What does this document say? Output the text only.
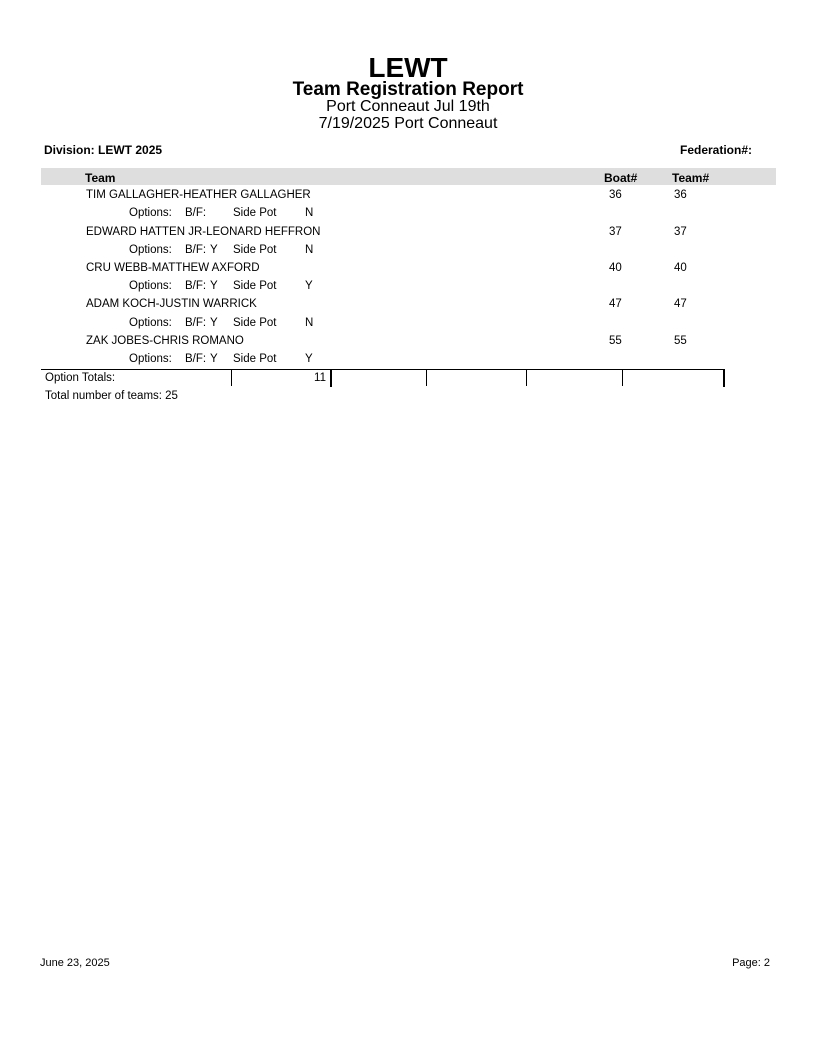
LEWT
Team Registration Report
Port Conneaut Jul 19th
7/19/2025 Port Conneaut
Division: LEWT 2025	Federation#:
Team	Boat#	Team#
TIM GALLAGHER-HEATHER GALLAGHER	36	36
Options: B/F: Side Pot N
EDWARD HATTEN JR-LEONARD HEFFRON	37	37
Options: B/F: Y Side Pot N
CRU WEBB-MATTHEW AXFORD	40	40
Options: B/F: Y Side Pot Y
ADAM KOCH-JUSTIN WARRICK	47	47
Options: B/F: Y Side Pot N
ZAK JOBES-CHRIS ROMANO	55	55
Options: B/F: Y Side Pot Y
Option Totals:	11
Total number of teams: 25
June 23, 2025	Page: 2
